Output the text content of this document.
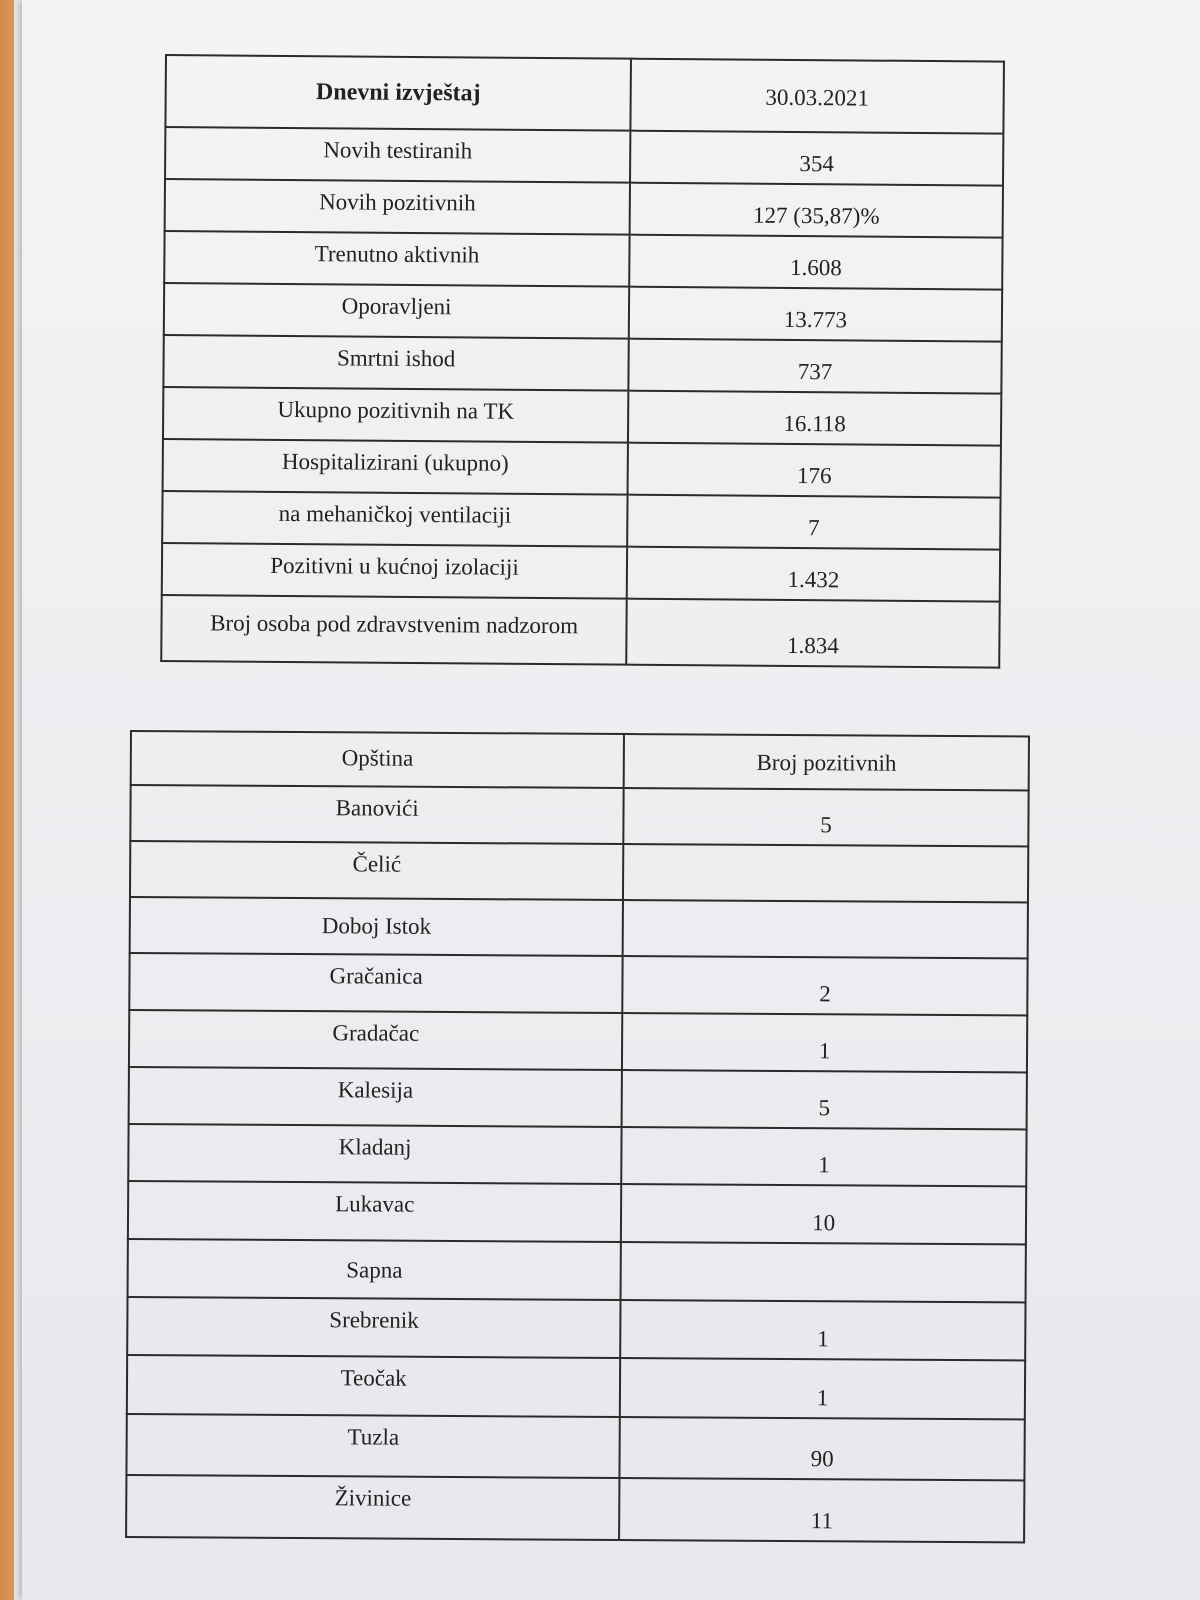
Dnevni izvještaj	30.03.2021

Novih testiranih	354

Novih pozitivnih	127 (35,87)%

Trenutno aktivnih	1.608

Oporavljeni	13.773

Smrtni ishod	737

Ukupno pozitivnih na TK	16.118

Hospitalizirani (ukupno)	176

na mehaničkoj ventilaciji	7

Pozitivni u kućnoj izolaciji	1.432

Broj osoba pod zdravstvenim nadzorom	1.834
Opština	Broj pozitivnih

Banovići	5

Čelić	

Doboj Istok	

Gračanica	2

Gradačac	1

Kalesija	5

Kladanj	1

Lukavac	10

Sapna	

Srebrenik	1

Teočak	1

Tuzla	90

Živinice	11
